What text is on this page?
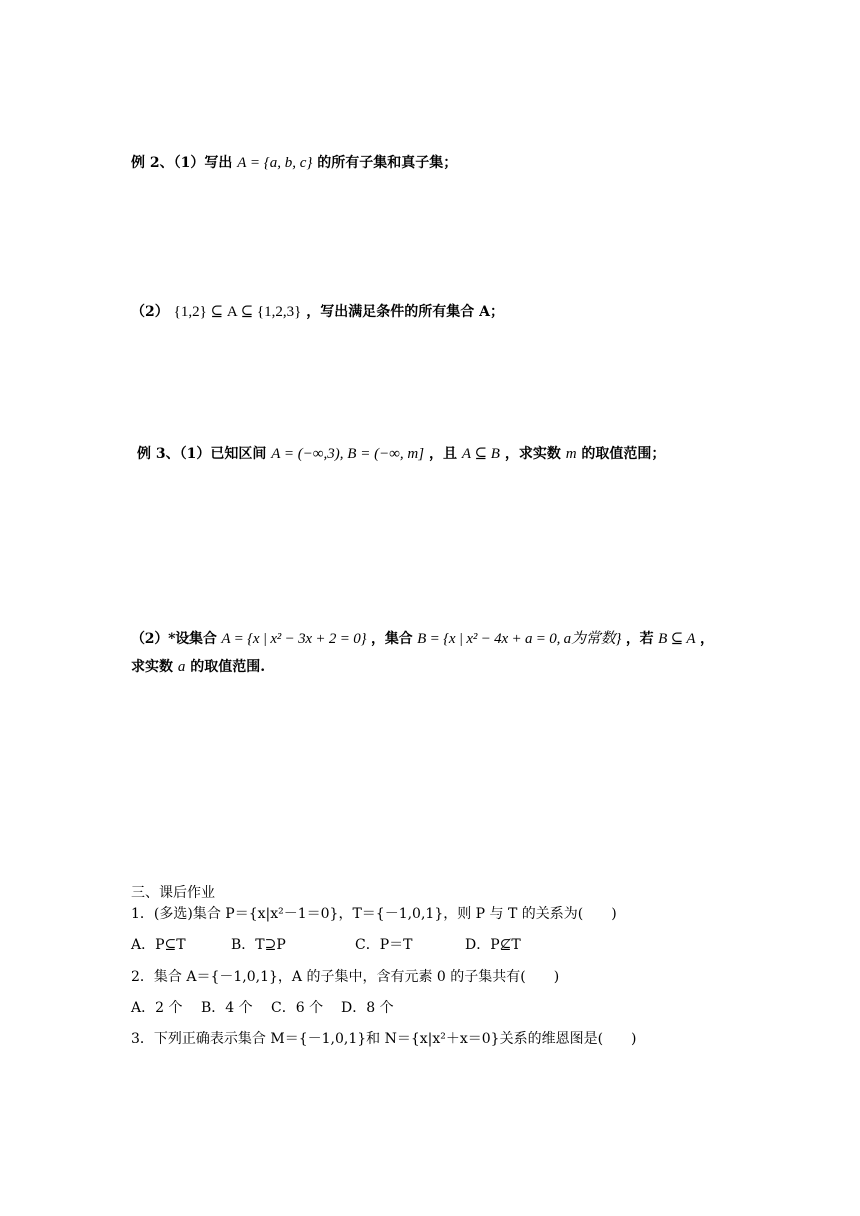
例 2、（1）写出 A = {a, b, c} 的所有子集和真子集；
（2） {1,2} ⊆ A ⊆ {1,2,3} ，写出满足条件的所有集合 A；
例 3、（1）已知区间 A = (−∞,3), B = (−∞, m] ，且 A ⊆ B ，求实数 m 的取值范围；
（2）*设集合 A = {x | x² − 3x + 2 = 0} ，集合 B = {x | x² − 4x + a = 0, a为常数} ，若 B ⊆ A ，
求实数 a 的取值范围.
三、课后作业
1．(多选)集合 P＝{x|x²－1＝0}，T＝{－1,0,1}，则 P 与 T 的关系为(　　)
A．P⊆T	B．T⊇P	C．P＝T	D．P⊈T
2．集合 A＝{－1,0,1}，A 的子集中，含有元素 0 的子集共有(　　)
A．2 个 B．4 个 C．6 个 D．8 个
3．下列正确表示集合 M＝{－1,0,1}和 N＝{x|x²＋x＝0}关系的维恩图是(　　)
